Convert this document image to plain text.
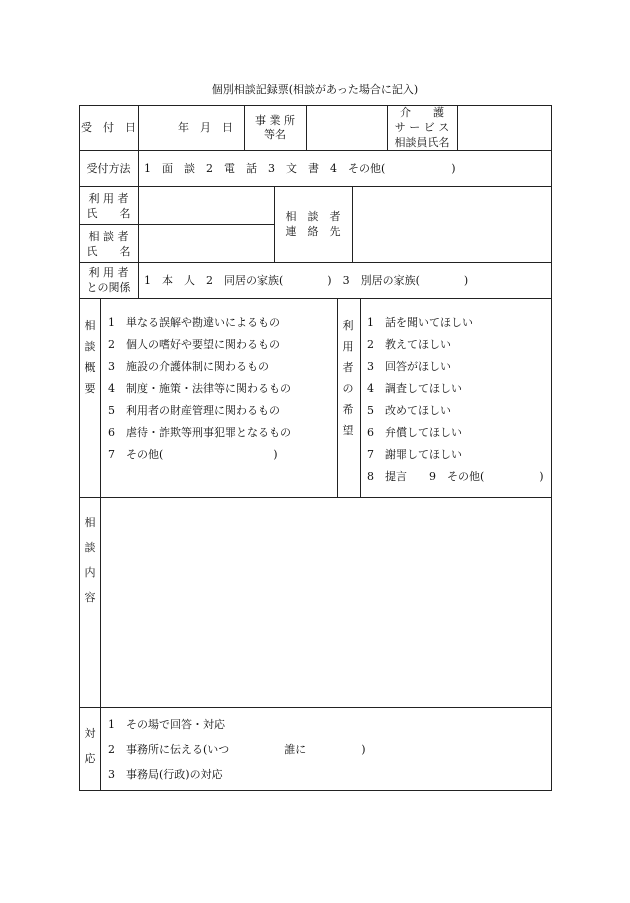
個別相談記録票(相談があった場合に記入)
受　付　日	年　月　日
事 業 所
等名
介　　護
サ ー ビ ス
相談員氏名
受付方法	1　面　談　2　電　話　3　文　書　4　その他(　　　　　　)
利 用 者
氏　　名
相 談 者
氏　　名
相　談　者
連　絡　先
利 用 者
との関係
1　本　人　2　同居の家族(　　　　)　3　別居の家族(　　　　)
相
談
概
要
1　単なる誤解や勘違いによるもの
2　個人の嗜好や要望に関わるもの
3　施設の介護体制に関わるもの
4　制度・施策・法律等に関わるもの
5　利用者の財産管理に関わるもの
6　虐待・詐欺等刑事犯罪となるもの
7　その他(　　　　　　　　　　)
利
用
者
の
希
望
1　話を聞いてほしい
2　教えてほしい
3　回答がほしい
4　調査してほしい
5　改めてほしい
6　弁償してほしい
7　謝罪してほしい
8　提言　　9　その他(　　　　　)
相
談
内
容
対
応
1　その場で回答・対応
2　事務所に伝える(いつ　　　　　誰に　　　　　)
3　事務局(行政)の対応
